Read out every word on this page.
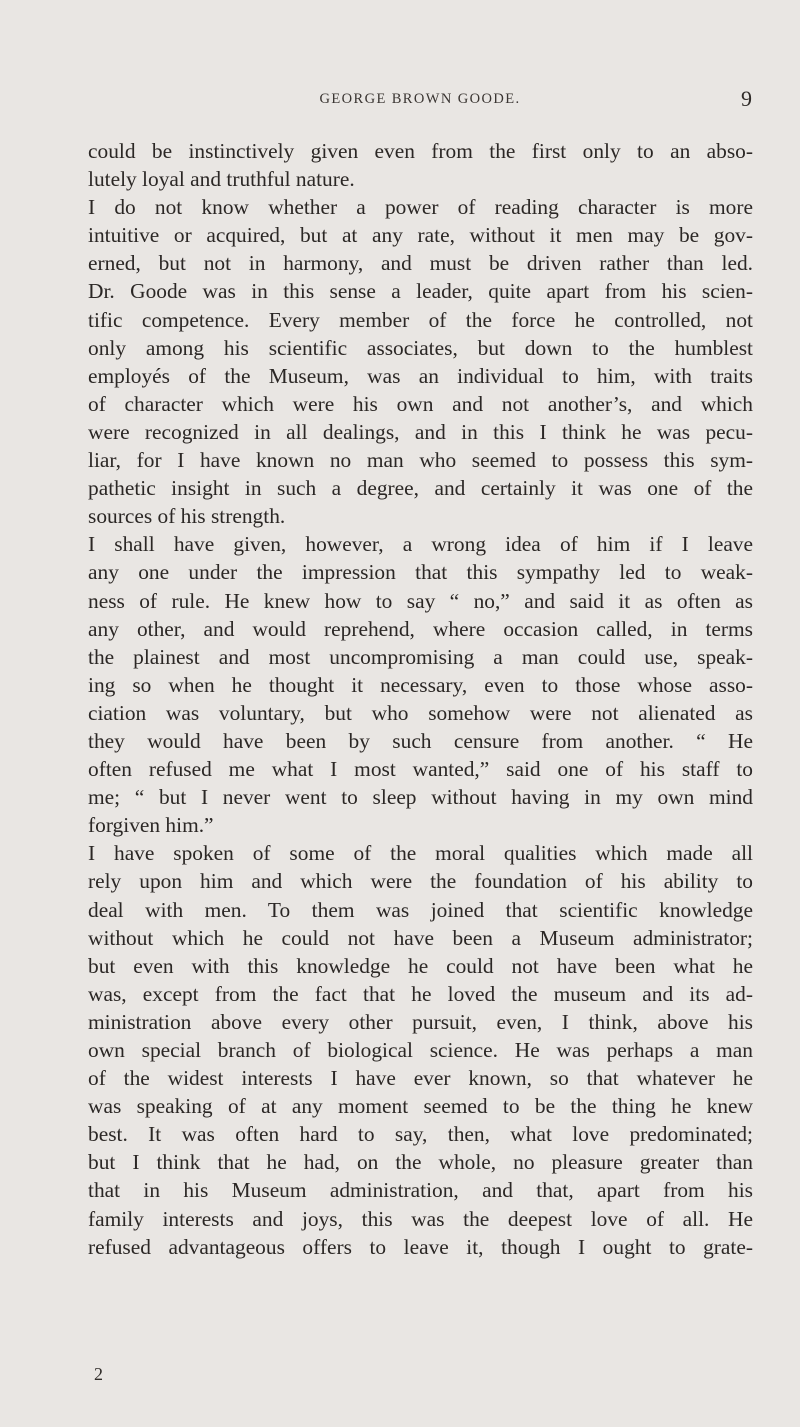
GEORGE BROWN GOODE.	9
could be instinctively given even from the first only to an abso-
lutely loyal and truthful nature.
I do not know whether a power of reading character is more
intuitive or acquired, but at any rate, without it men may be gov-
erned, but not in harmony, and must be driven rather than led.
Dr. Goode was in this sense a leader, quite apart from his scien-
tific competence. Every member of the force he controlled, not
only among his scientific associates, but down to the humblest
employés of the Museum, was an individual to him, with traits
of character which were his own and not another’s, and which
were recognized in all dealings, and in this I think he was pecu-
liar, for I have known no man who seemed to possess this sym-
pathetic insight in such a degree, and certainly it was one of the
sources of his strength.
I shall have given, however, a wrong idea of him if I leave
any one under the impression that this sympathy led to weak-
ness of rule. He knew how to say “ no,” and said it as often as
any other, and would reprehend, where occasion called, in terms
the plainest and most uncompromising a man could use, speak-
ing so when he thought it necessary, even to those whose asso-
ciation was voluntary, but who somehow were not alienated as
they would have been by such censure from another. “ He
often refused me what I most wanted,” said one of his staff to
me; “ but I never went to sleep without having in my own mind
forgiven him.”
I have spoken of some of the moral qualities which made all
rely upon him and which were the foundation of his ability to
deal with men. To them was joined that scientific knowledge
without which he could not have been a Museum administrator;
but even with this knowledge he could not have been what he
was, except from the fact that he loved the museum and its ad-
ministration above every other pursuit, even, I think, above his
own special branch of biological science. He was perhaps a man
of the widest interests I have ever known, so that whatever he
was speaking of at any moment seemed to be the thing he knew
best. It was often hard to say, then, what love predominated;
but I think that he had, on the whole, no pleasure greater than
that in his Museum administration, and that, apart from his
family interests and joys, this was the deepest love of all. He
refused advantageous offers to leave it, though I ought to grate-
2
